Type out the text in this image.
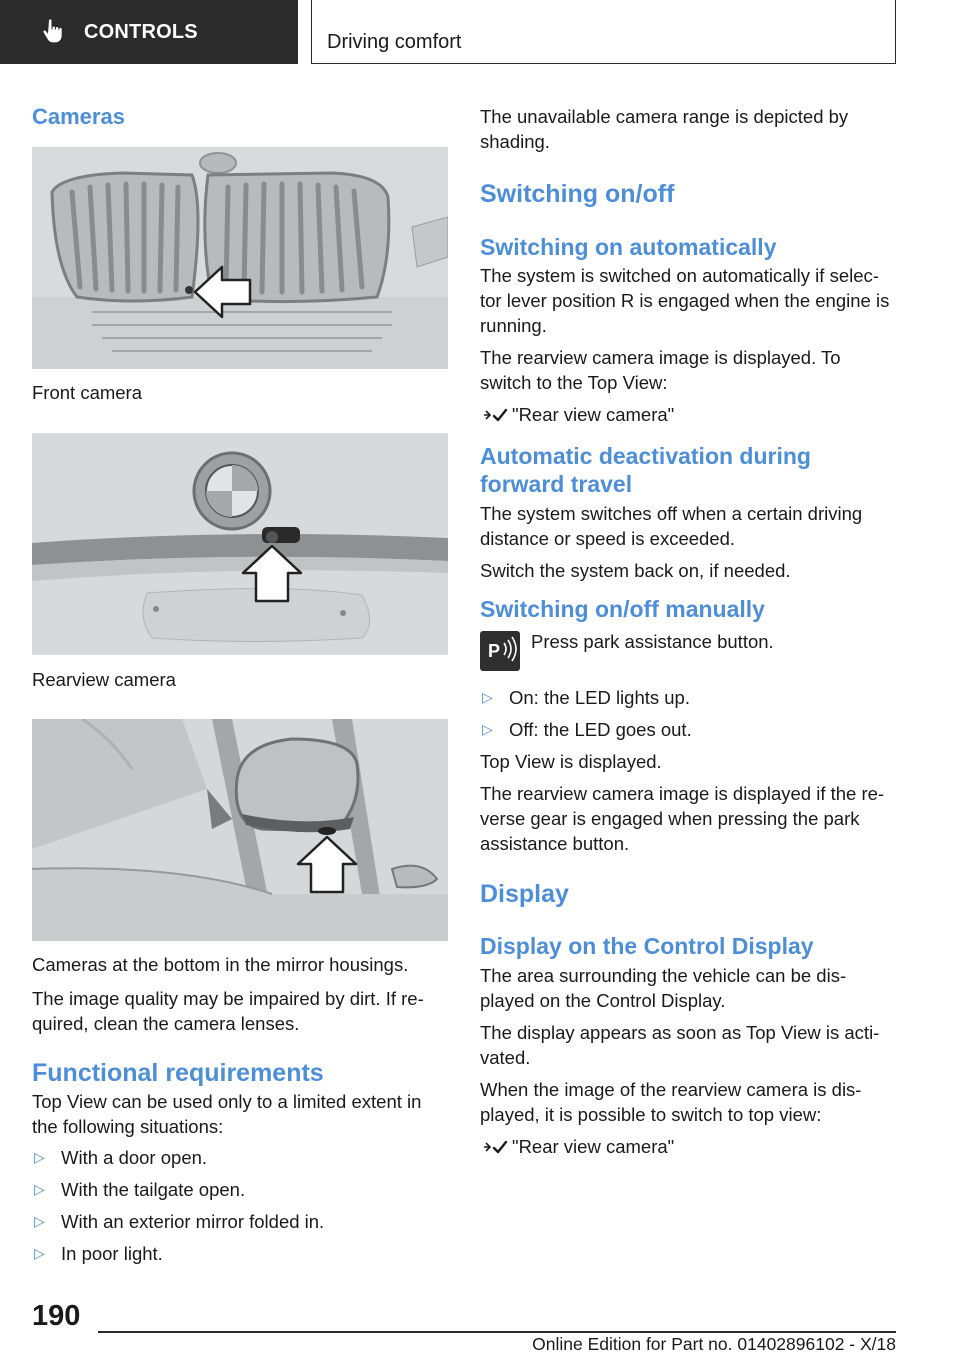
CONTROLS	Driving comfort
Cameras
Front camera
Rearview camera
Cameras at the bottom in the mirror housings.

The image quality may be impaired by dirt. If re‐quired, clean the camera lenses.

Functional requirements

Top View can be used only to a limited extent in the following situations:

▷ With a door open.
▷ With the tailgate open.
▷ With an exterior mirror folded in.
▷ In poor light.

The unavailable camera range is depicted by shading.

Switching on/off
Switching on automatically

The system is switched on automatically if selec‐tor lever position R is engaged when the engine is running.

The rearview camera image is displayed. To switch to the Top View:

"Rear view camera"
Automatic deactivation during forward travel

The system switches off when a certain driving distance or speed is exceeded.

Switch the system back on, if needed.

Switching on/off manually
P Press park assistance button.
▷ On: the LED lights up.
▷ Off: the LED goes out.

Top View is displayed.

The rearview camera image is displayed if the re‐verse gear is engaged when pressing the park assistance button.

Display
Display on the Control Display

The area surrounding the vehicle can be dis‐played on the Control Display.

The display appears as soon as Top View is acti‐vated.

When the image of the rearview camera is dis‐played, it is possible to switch to top view:

"Rear view camera"
190
Online Edition for Part no. 01402896102 - X/18
